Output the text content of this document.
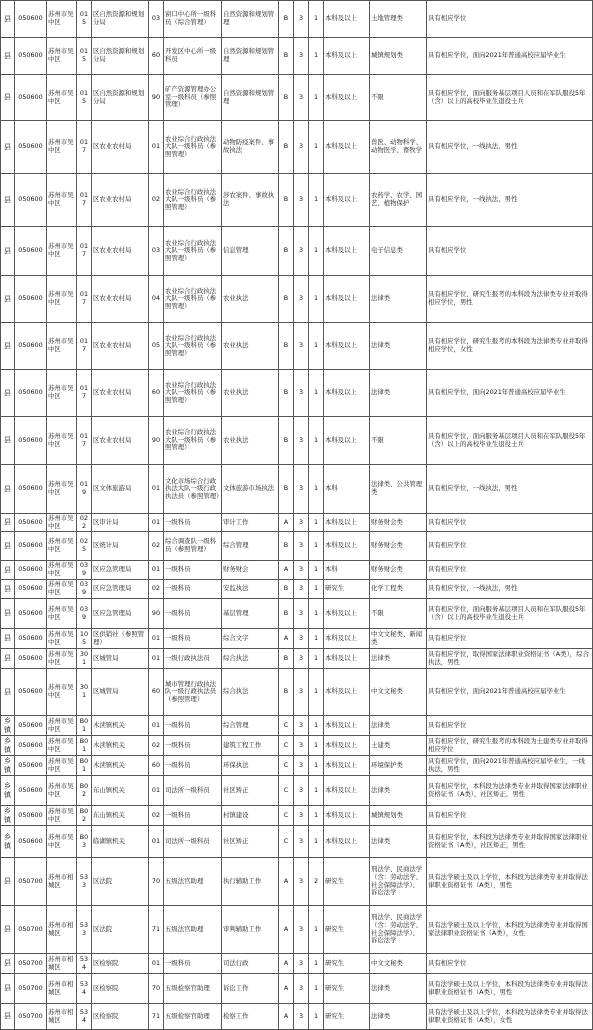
县	050600	苏州市吴中区	015	区自然资源和规划分局	03	窗口中心所一级科员（综合管理）	自然资源和规划管理	B	3	1	本科及以上	土地管理类	具有相应学位
县	050600	苏州市吴中区	015	区自然资源和规划分局	60	开发区中心所一级科员	自然资源和规划管理	B	3	1	本科及以上	城镇规划类	具有相应学位，面向2021年普通高校应届毕业生
县	050600	苏州市吴中区	015	区自然资源和规划分局	90	矿产资源管理办公室一级科员（参照管理）	自然资源和规划管理	B	3	1	本科及以上	不限	具有相应学位，面向服务基层项目人员和在军队服役5年（含）以上的高校毕业生退役士兵
县	050600	苏州市吴中区	017	区农业农村局	01	农业综合行政执法大队一级科员（参照管理）	动物防疫案件、事故执法	B	3	1	本科及以上	兽医、动物科学、动物医学、畜牧学	具有相应学位，一线执法，男性
县	050600	苏州市吴中区	017	区农业农村局	02	农业综合行政执法大队一级科员（参照管理）	涉农案件、事故执法	B	3	1	本科及以上	农药学、农学、园艺、植物保护	具有相应学位，一线执法，男性
县	050600	苏州市吴中区	017	区农业农村局	03	农业综合行政执法大队一级科员（参照管理）	信息管理	B	3	1	本科及以上	电子信息类	具有相应学位
县	050600	苏州市吴中区	017	区农业农村局	04	农业综合行政执法大队一级科员（参照管理）	农业执法	B	3	1	本科及以上	法律类	具有相应学位，研究生报考的本科段为法律类专业并取得相应学位，男性
县	050600	苏州市吴中区	017	区农业农村局	05	农业综合行政执法大队一级科员（参照管理）	农业执法	B	3	1	本科及以上	法律类	具有相应学位，研究生报考的本科段为法律类专业并取得相应学位，女性
县	050600	苏州市吴中区	017	区农业农村局	60	农业综合行政执法大队一级科员（参照管理）	农业执法	B	3	1	本科及以上	法律类	具有相应学位，面向2021年普通高校应届毕业生
县	050600	苏州市吴中区	017	区农业农村局	90	农业综合行政执法大队一级科员（参照管理）	农业执法	B	3	1	本科及以上	不限	具有相应学位，面向服务基层项目人员和在军队服役5年（含）以上的高校毕业生退役士兵
县	050600	苏州市吴中区	019	区文体旅游局	01	文化市场综合行政执法大队一级行政执法员（参照管理）	文体旅游市场执法	B	3	1	本科	法律类、公共管理类	具有相应学位，一线执法，男性
县	050600	苏州市吴中区	022	区审计局	01	一级科员	审计工作	A	3	1	本科及以上	财务财会类	具有相应学位
县	050600	苏州市吴中区	025	区统计局	02	综合调查队一级科员（参照管理）	综合管理	B	3	1	本科及以上	财务财会类	具有相应学位
县	050600	苏州市吴中区	039	区应急管理局	01	一级科员	财务财会	A	3	1	本科	财务财会类	具有相应学位
县	050600	苏州市吴中区	039	区应急管理局	02	一级科员	安监执法	B	3	1	研究生	化学工程类	具有相应学位，一线执法，男性
县	050600	苏州市吴中区	039	区应急管理局	90	一级科员	基层管理	B	3	1	本科及以上	不限	具有相应学位，面向服务基层项目人员和在军队服役5年（含）以上的高校毕业生退役士兵
县	050600	苏州市吴中区	105	区供销社（参照管理）	01	一级科员	综合文字	A	3	1	本科及以上	中文文秘类、新闻类	具有相应学位
县	050600	苏州市吴中区	301	区城管局	01	一级行政执法员	综合执法	B	3	1	本科及以上	法律类	具有相应学位，取得国家法律职业资格证书（A类），综合执法，男性
县	050600	苏州市吴中区	301	区城管局	60	城市管理行政执法队一级行政执法员（参照管理）	综合执法	B	3	1	本科及以上	中文文秘类	具有相应学位，面向2021年普通高校应届毕业生
乡镇	050600	苏州市吴中区	B01	木渎镇机关	01	一级科员	综合管理	C	3	1	本科及以上	法律类	具有相应学位
乡镇	050600	苏州市吴中区	B01	木渎镇机关	02	一级科员	建筑工程工作	C	3	1	本科及以上	土建类	具有相应学位，研究生报考的本科段为土建类专业并取得相应学位
乡镇	050600	苏州市吴中区	B01	木渎镇机关	60	一级科员	环保执法	C	3	1	本科及以上	环境保护类	具有相应学位，面向2021年普通高校应届毕业生，一线执法，男性
乡镇	050600	苏州市吴中区	B02	东山镇机关	01	司法所一级科员	社区矫正	C	3	1	本科及以上	法律类	具有相应学位，本科段为法律类专业并取得国家法律职业资格证书（A类），社区矫正，男性
乡镇	050600	苏州市吴中区	B02	东山镇机关	02	一级科员	村镇建设	C	3	1	本科及以上	城镇规划类	具有相应学位
乡镇	050600	苏州市吴中区	B03	临湖镇机关	01	司法所一级科员	社区矫正	C	3	1	本科及以上	法律类	具有相应学位，本科段为法律类专业并取得国家法律职业资格证书（A类），社区矫正，男性
县	050700	苏州市相城区	533	区法院	70	五级法官助理	执行辅助工作	A	3	2	研究生	刑法学、民商法学（含：劳动法学、社会保障法学）、诉讼法学	具有法学硕士及以上学位，本科段为法律类专业并取得法律职业资格证书（A类），男性
县	050700	苏州市相城区	533	区法院	71	五级法官助理	审判辅助工作	A	3	1	研究生	刑法学、民商法学（含：劳动法学、社会保障法学）、诉讼法学	具有法学硕士及以上学位，本科段为法律类专业并取得国家法律职业资格证书（A类），女性
县	050700	苏州市相城区	534	区检察院	01	一级科员	司法行政	A	3	1	研究生	中文文秘类	具有相应学位
县	050700	苏州市相城区	534	区检察院	70	五级检察官助理	诉讼工作	A	3	1	研究生	法律类	具有法学硕士及以上学位，本科段为法律类专业并取得法律职业资格证书（A类），男性
县	050700	苏州市相城区	534	区检察院	71	五级检察官助理	检察工作	A	3	1	研究生	法律类	具有法学硕士及以上学位，本科段为法律类专业并取得法律职业资格证书（A类），女性
